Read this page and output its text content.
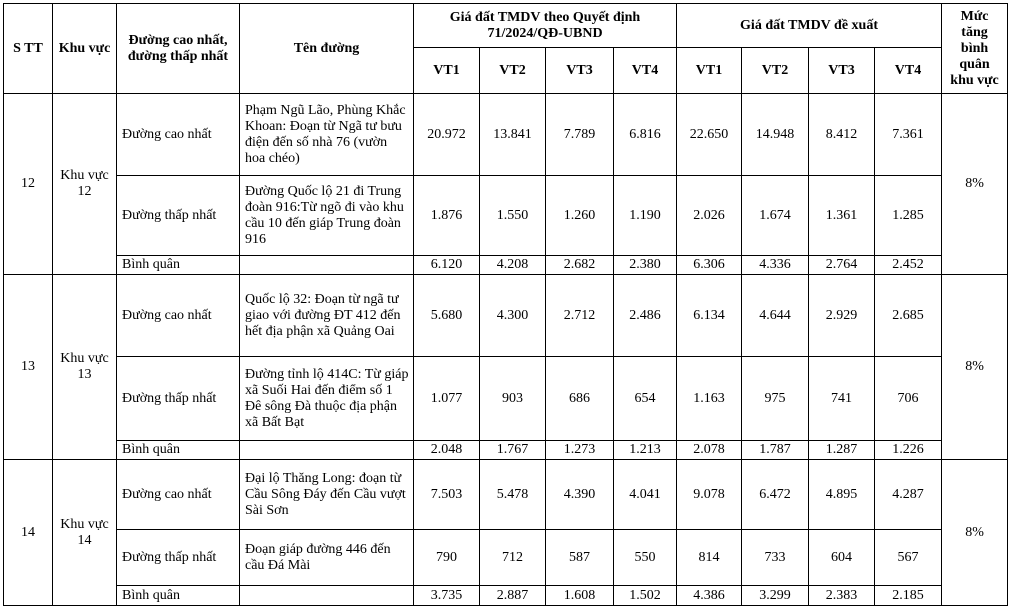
S TT	Khu vực	Đường cao nhất, đường thấp nhất	Tên đường	Giá đất TMDV theo Quyết định 71/2024/QĐ-UBND				Giá đất TMDV đề xuất				Mức tăng bình quân khu vực
				VT1	VT2	VT3	VT4	VT1	VT2	VT3	VT4	
12	Khu vực 12	Đường cao nhất	Phạm Ngũ Lão, Phùng Khắc Khoan: Đoạn từ Ngã tư bưu điện đến số nhà 76 (vườn hoa chéo)	20.972	13.841	7.789	6.816	22.650	14.948	8.412	7.361	8%
		Đường thấp nhất	Đường Quốc lộ 21 đi Trung đoàn 916:Từ ngõ đi vào khu cầu 10 đến giáp Trung đoàn 916	1.876	1.550	1.260	1.190	2.026	1.674	1.361	1.285	
		Bình quân		6.120	4.208	2.682	2.380	6.306	4.336	2.764	2.452	
13	Khu vực 13	Đường cao nhất	Quốc lộ 32: Đoạn từ ngã tư giao với đường ĐT 412 đến hết địa phận xã Quảng Oai	5.680	4.300	2.712	2.486	6.134	4.644	2.929	2.685	8%
		Đường thấp nhất	Đường tỉnh lộ 414C: Từ giáp xã Suối Hai đến điểm số 1 Đê sông Đà thuộc địa phận xã Bất Bạt	1.077	903	686	654	1.163	975	741	706	
		Bình quân		2.048	1.767	1.273	1.213	2.078	1.787	1.287	1.226	
14	Khu vực 14	Đường cao nhất	Đại lộ Thăng Long: đoạn từ Cầu Sông Đáy đến Cầu vượt Sài Sơn	7.503	5.478	4.390	4.041	9.078	6.472	4.895	4.287	8%
		Đường thấp nhất	Đoạn giáp đường 446 đến cầu Đá Mài	790	712	587	550	814	733	604	567	
		Bình quân		3.735	2.887	1.608	1.502	4.386	3.299	2.383	2.185	
